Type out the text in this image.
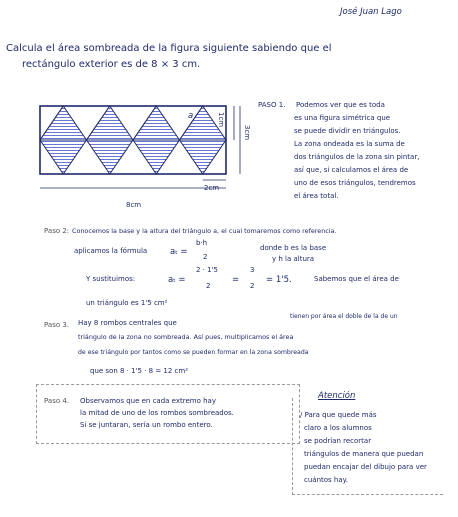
José Juan Lago
Calcula el área sombreada de la figura siguiente sabiendo que el
rectángulo exterior es de 8 × 3 cm.
a	1cm
3cm
2cm
8cm
PASO 1. Podemos ver que es toda
es una figura simétrica que
se puede dividir en triángulos.
La zona ondeada es la suma de
dos triángulos de la zona sin pintar,
así que, si calculamos el área de
uno de esos triángulos, tendremos
el área total.
Paso 2: Conocemos la base y la altura del triángulo a, el cual tomaremos como referencia.
aplicamos la fórmula	aₜ =
b·h
2
donde b es la base
y h la altura
Y sustituimos:	aₜ =
2 · 1'5
2
=
3
2
= 1'5.	Sabemos que el área de
un triángulo es 1'5 cm²
Paso 3. Hay 8 rombos centrales que
tienen por área el doble de la de un
triángulo de la zona no sombreada. Así pues, multiplicamos el área
de ese triángulo por tantos como se pueden formar en la zona sombreada
que son 8 · 1'5 · 8 = 12 cm²
Paso 4. Observamos que en cada extremo hay
la mitad de uno de los rombos sombreados.
Si se juntaran, sería un rombo entero.
Atención
/ Para que quede más
claro a los alumnos
se podrían recortar
triángulos de manera que puedan
puedan encajar del dibujo para ver
cuántos hay.
